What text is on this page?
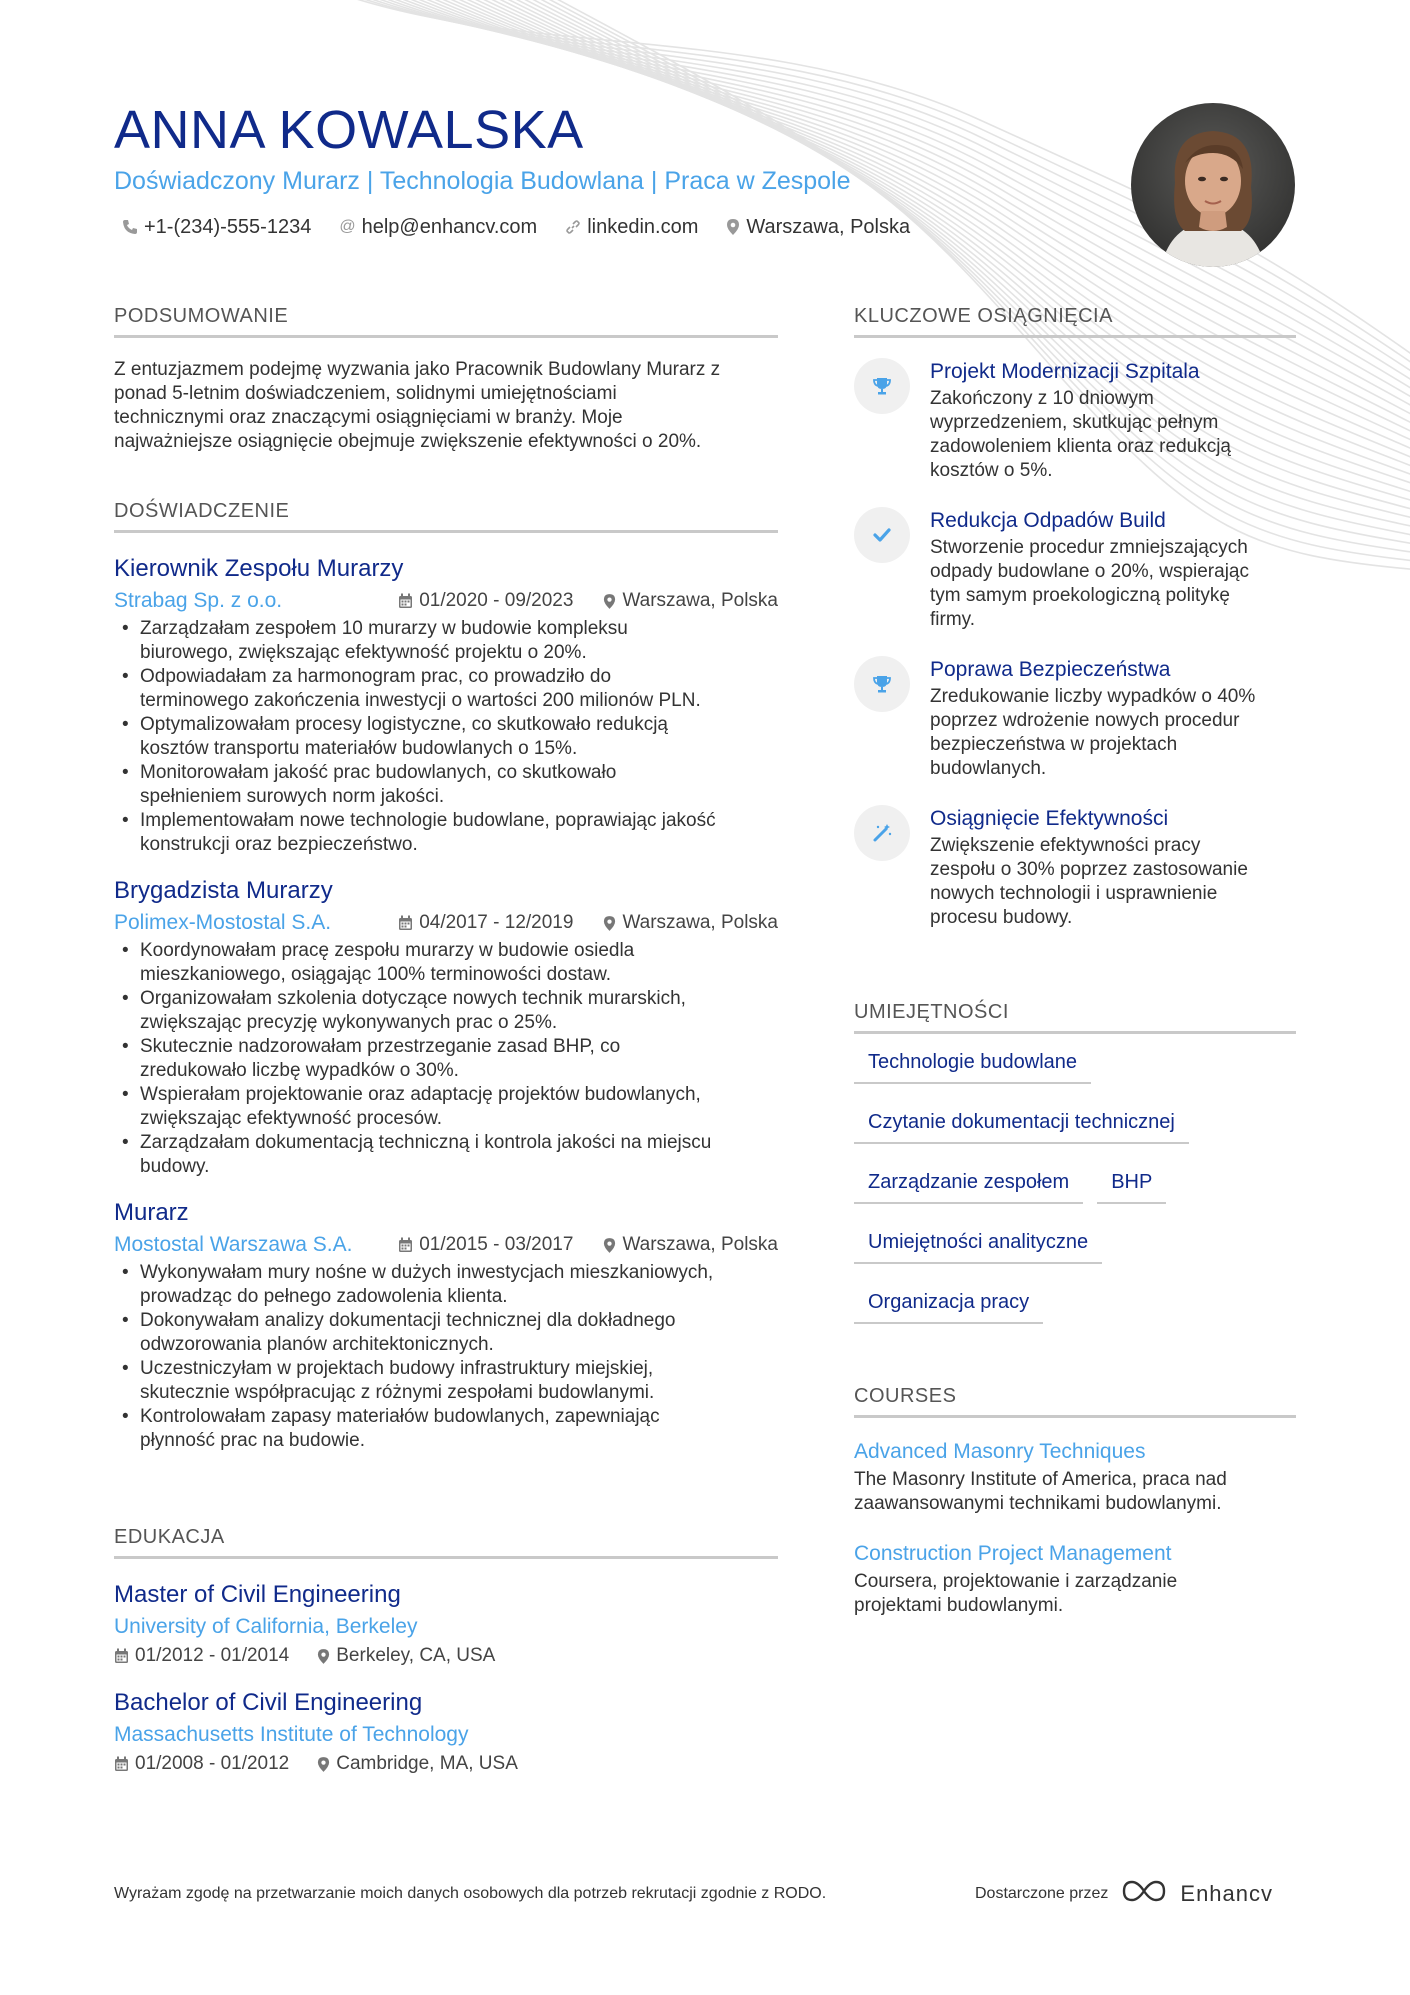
ANNA KOWALSKA
Doświadczony Murarz | Technologia Budowlana | Praca w Zespole
+1-(234)-555-1234 @ help@enhancv.com	linkedin.com Warszawa, Polska
PODSUMOWANIE
Z entuzjazmem podejmę wyzwania jako Pracownik Budowlany Murarz z
ponad 5-letnim doświadczeniem, solidnymi umiejętnościami
technicznymi oraz znaczącymi osiągnięciami w branży. Moje
najważniejsze osiągnięcie obejmuje zwiększenie efektywności o 20%.
DOŚWIADCZENIE
Kierownik Zespołu Murarzy
Strabag Sp. z o.o.	01/2020 - 09/2023	Warszawa, Polska
• Zarządzałam zespołem 10 murarzy w budowie kompleksu
biurowego, zwiększając efektywność projektu o 20%.
• Odpowiadałam za harmonogram prac, co prowadziło do
terminowego zakończenia inwestycji o wartości 200 milionów PLN.
• Optymalizowałam procesy logistyczne, co skutkowało redukcją
kosztów transportu materiałów budowlanych o 15%.
• Monitorowałam jakość prac budowlanych, co skutkowało
spełnieniem surowych norm jakości.
• Implementowałam nowe technologie budowlane, poprawiając jakość
konstrukcji oraz bezpieczeństwo.
Brygadzista Murarzy
Polimex-Mostostal S.A.	04/2017 - 12/2019	Warszawa, Polska
• Koordynowałam pracę zespołu murarzy w budowie osiedla
mieszkaniowego, osiągając 100% terminowości dostaw.
• Organizowałam szkolenia dotyczące nowych technik murarskich,
zwiększając precyzję wykonywanych prac o 25%.
• Skutecznie nadzorowałam przestrzeganie zasad BHP, co
zredukowało liczbę wypadków o 30%.
• Wspierałam projektowanie oraz adaptację projektów budowlanych,
zwiększając efektywność procesów.
• Zarządzałam dokumentacją techniczną i kontrola jakości na miejscu
budowy.
Murarz
Mostostal Warszawa S.A.	01/2015 - 03/2017	Warszawa, Polska
• Wykonywałam mury nośne w dużych inwestycjach mieszkaniowych,
prowadząc do pełnego zadowolenia klienta.
• Dokonywałam analizy dokumentacji technicznej dla dokładnego
odwzorowania planów architektonicznych.
• Uczestniczyłam w projektach budowy infrastruktury miejskiej,
skutecznie współpracując z różnymi zespołami budowlanymi.
• Kontrolowałam zapasy materiałów budowlanych, zapewniając
płynność prac na budowie.
EDUKACJA
Master of Civil Engineering
University of California, Berkeley
01/2012 - 01/2014 Berkeley, CA, USA
Bachelor of Civil Engineering
Massachusetts Institute of Technology
01/2008 - 01/2012 Cambridge, MA, USA
KLUCZOWE OSIĄGNIĘCIA
Projekt Modernizacji Szpitala
Zakończony z 10 dniowym
wyprzedzeniem, skutkując pełnym
zadowoleniem klienta oraz redukcją
kosztów o 5%.
Redukcja Odpadów Build
Stworzenie procedur zmniejszających
odpady budowlane o 20%, wspierając
tym samym proekologiczną politykę
firmy.
Poprawa Bezpieczeństwa
Zredukowanie liczby wypadków o 40%
poprzez wdrożenie nowych procedur
bezpieczeństwa w projektach
budowlanych.
Osiągnięcie Efektywności
Zwiększenie efektywności pracy
zespołu o 30% poprzez zastosowanie
nowych technologii i usprawnienie
procesu budowy.
UMIEJĘTNOŚCI
Technologie budowlane
Czytanie dokumentacji technicznej
Zarządzanie zespołem	BHP
Umiejętności analityczne
Organizacja pracy
COURSES
Advanced Masonry Techniques
The Masonry Institute of America, praca nad
zaawansowanymi technikami budowlanymi.
Construction Project Management
Coursera, projektowanie i zarządzanie
projektami budowlanymi.
Wyrażam zgodę na przetwarzanie moich danych osobowych dla potrzeb rekrutacji zgodnie z RODO.	Dostarczone przez	Enhancv
